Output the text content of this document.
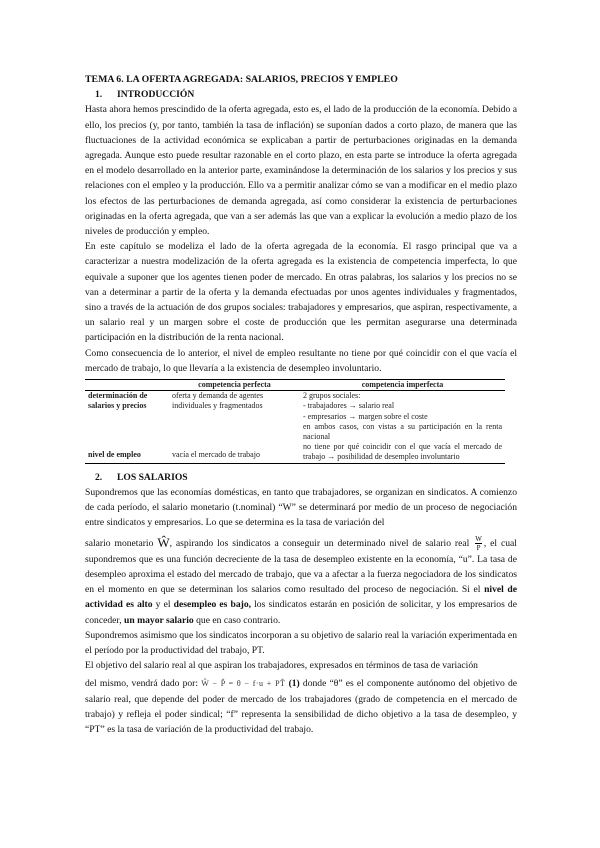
TEMA 6. LA OFERTA AGREGADA: SALARIOS, PRECIOS Y EMPLEO
1. INTRODUCCIÓN

Hasta ahora hemos prescindido de la oferta agregada, esto es, el lado de la producción de la economía. Debido a ello, los precios (y, por tanto, también la tasa de inflación) se suponían dados a corto plazo, de manera que las fluctuaciones de la actividad económica se explicaban a partir de perturbaciones originadas en la demanda agregada. Aunque esto puede resultar razonable en el corto plazo, en esta parte se introduce la oferta agregada en el modelo desarrollado en la anterior parte, examinándose la determinación de los salarios y los precios y sus relaciones con el empleo y la producción. Ello va a permitir analizar cómo se van a modificar en el medio plazo los efectos de las perturbaciones de demanda agregada, así como considerar la existencia de perturbaciones originadas en la oferta agregada, que van a ser además las que van a explicar la evolución a medio plazo de los niveles de producción y empleo.

En este capítulo se modeliza el lado de la oferta agregada de la economía. El rasgo principal que va a caracterizar a nuestra modelización de la oferta agregada es la existencia de competencia imperfecta, lo que equivale a suponer que los agentes tienen poder de mercado. En otras palabras, los salarios y los precios no se van a determinar a partir de la oferta y la demanda efectuadas por unos agentes individuales y fragmentados, sino a través de la actuación de dos grupos sociales: trabajadores y empresarios, que aspiran, respectivamente, a un salario real y un margen sobre el coste de producción que les permitan asegurarse una determinada participación en la distribución de la renta nacional.

Como consecuencia de lo anterior, el nivel de empleo resultante no tiene por qué coincidir con el que vacía el mercado de trabajo, lo que llevaría a la existencia de desempleo involuntario.

	competencia perfecta	competencia imperfecta
determinación de salarios y precios	oferta y demanda de agentes individuales y fragmentados	2 grupos sociales:
- trabajadores → salario real
- empresarios → margen sobre el coste
en ambos casos, con vistas a su participación en la renta nacional

nivel de empleo	vacía el mercado de trabajo	no tiene por qué coincidir con el que vacía el mercado de trabajo → posibilidad de desempleo involuntario
2. LOS SALARIOS

Supondremos que las economías domésticas, en tanto que trabajadores, se organizan en sindicatos. A comienzo de cada período, el salario monetario (t.nominal) “W” se determinará por medio de un proceso de negociación entre sindicatos y empresarios. Lo que se determina es la tasa de variación del

salario monetario Ŵ, aspirando los sindicatos a conseguir un determinado nivel de salario real $\frac{W}{P}$ , el cual supondremos que es una función decreciente de la tasa de desempleo existente en la economía, “u”. La tasa de desempleo aproxima el estado del mercado de trabajo, que va a afectar a la fuerza negociadora de los sindicatos en el momento en que se determinan los salarios como resultado del proceso de negociación. Si el nivel de actividad es alto y el desempleo es bajo, los sindicatos estarán en posición de solicitar, y los empresarios de conceder, un mayor salario que en caso contrario.

Supondremos asimismo que los sindicatos incorporan a su objetivo de salario real la variación experimentada en el período por la productividad del trabajo, PT.

El objetivo del salario real al que aspiran los trabajadores, expresados en términos de tasa de variación

del mismo, vendrá dado por: Ŵ − P̂ = θ − f·u + PT̂ (1) donde “θ” es el componente autónomo del objetivo de salario real, que depende del poder de mercado de los trabajadores (grado de competencia en el mercado de trabajo) y refleja el poder sindical; “f” representa la sensibilidad de dicho objetivo a la tasa de desempleo, y “PT” es la tasa de variación de la productividad del trabajo.
